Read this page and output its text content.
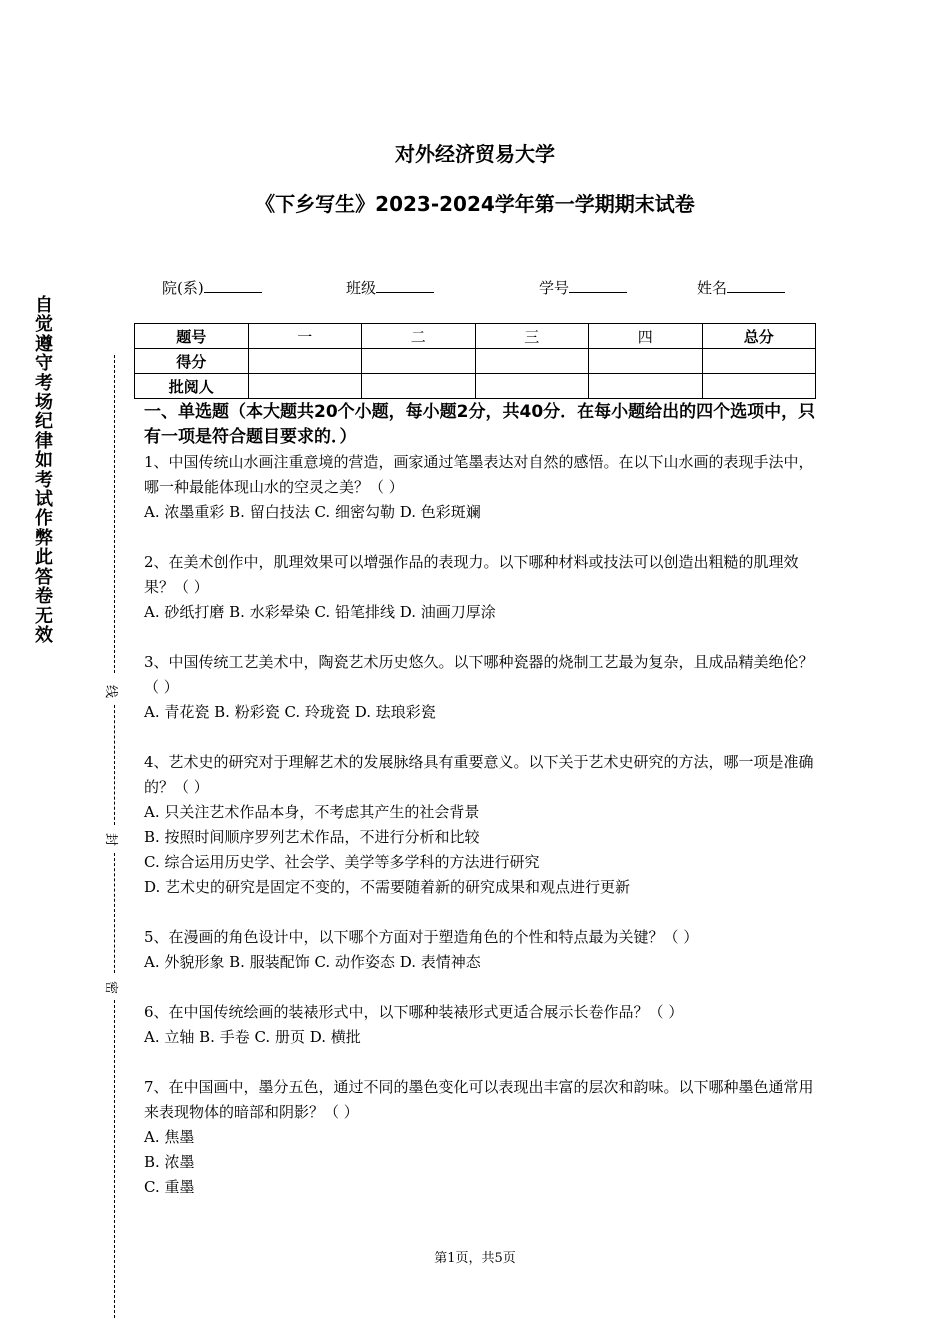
对外经济贸易大学
《下乡写生》2023-2024学年第一学期期末试卷
院(系)	班级	学号	姓名
题号	一	二	三	四	总分
得分					
批阅人					
自觉遵守考场纪律如考试作弊此答卷无效
线
封
密

一、单选题（本大题共20个小题，每小题2分，共40分．在每小题给出的四个选项中，只有一项是符合题目要求的．）

1、中国传统山水画注重意境的营造，画家通过笔墨表达对自然的感悟。在以下山水画的表现手法中，哪一种最能体现山水的空灵之美？（ ）

A. 浓墨重彩 B. 留白技法 C. 细密勾勒 D. 色彩斑斓

2、在美术创作中，肌理效果可以增强作品的表现力。以下哪种材料或技法可以创造出粗糙的肌理效果？（ ）

A. 砂纸打磨 B. 水彩晕染 C. 铅笔排线 D. 油画刀厚涂

3、中国传统工艺美术中，陶瓷艺术历史悠久。以下哪种瓷器的烧制工艺最为复杂，且成品精美绝伦？（ ）

A. 青花瓷 B. 粉彩瓷 C. 玲珑瓷 D. 珐琅彩瓷

4、艺术史的研究对于理解艺术的发展脉络具有重要意义。以下关于艺术史研究的方法，哪一项是准确的？（ ）

A. 只关注艺术作品本身，不考虑其产生的社会背景

B. 按照时间顺序罗列艺术作品，不进行分析和比较

C. 综合运用历史学、社会学、美学等多学科的方法进行研究

D. 艺术史的研究是固定不变的，不需要随着新的研究成果和观点进行更新

5、在漫画的角色设计中，以下哪个方面对于塑造角色的个性和特点最为关键？（ ）

A. 外貌形象 B. 服装配饰 C. 动作姿态 D. 表情神态

6、在中国传统绘画的装裱形式中，以下哪种装裱形式更适合展示长卷作品？（ ）

A. 立轴 B. 手卷 C. 册页 D. 横批

7、在中国画中，墨分五色，通过不同的墨色变化可以表现出丰富的层次和韵味。以下哪种墨色通常用来表现物体的暗部和阴影？（ ）

A. 焦墨

B. 浓墨

C. 重墨

第1页，共5页
